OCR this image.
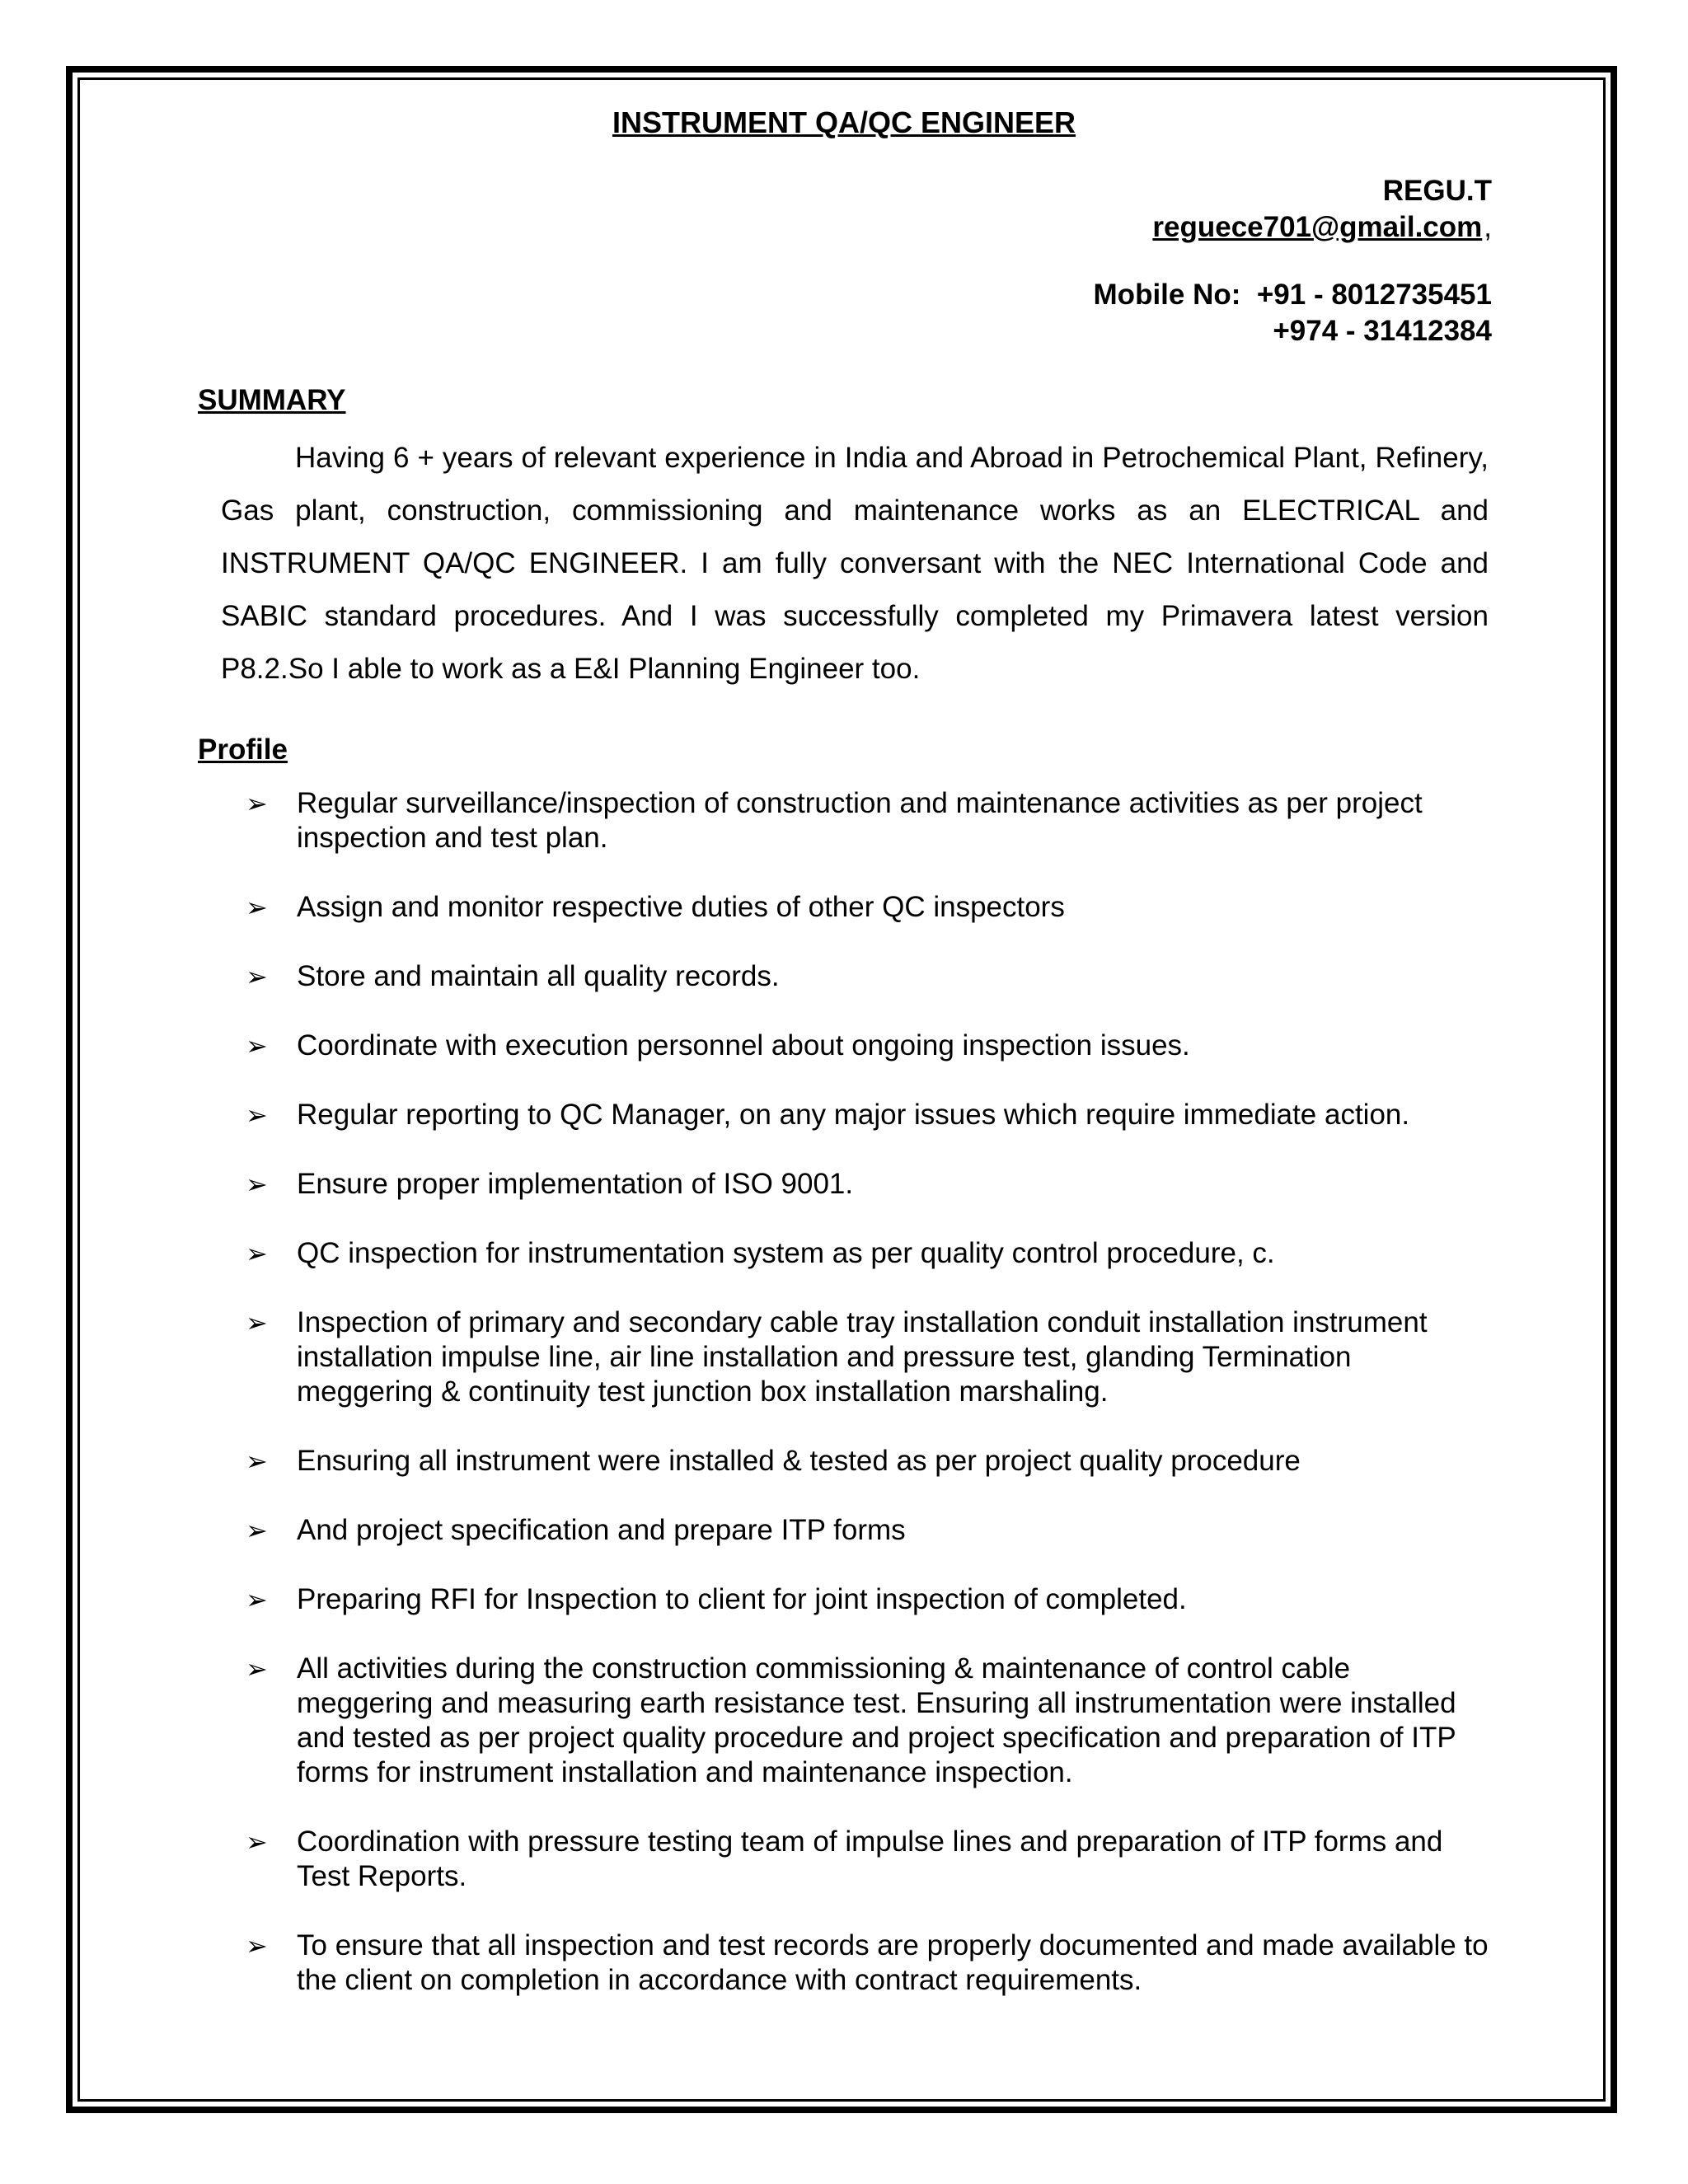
INSTRUMENT QA/QC ENGINEER
REGU.T
reguece701@gmail.com,
Mobile No: +91 - 8012735451
+974 - 31412384
SUMMARY

Having 6 + years of relevant experience in India and Abroad in Petrochemical Plant, Refinery, Gas plant, construction, commissioning and maintenance works as an ELECTRICAL and INSTRUMENT QA/QC ENGINEER. I am fully conversant with the NEC International Code and SABIC standard procedures. And I was successfully completed my Primavera latest version P8.2.So I able to work as a E&I Planning Engineer too.

Profile
➢ Regular surveillance/inspection of construction and maintenance activities as per project inspection and test plan.
➢ Assign and monitor respective duties of other QC inspectors
➢ Store and maintain all quality records.
➢ Coordinate with execution personnel about ongoing inspection issues.
➢ Regular reporting to QC Manager, on any major issues which require immediate action.
➢ Ensure proper implementation of ISO 9001.
➢ QC inspection for instrumentation system as per quality control procedure, c.
➢ Inspection of primary and secondary cable tray installation conduit installation instrument installation impulse line, air line installation and pressure test, glanding Termination meggering & continuity test junction box installation marshaling.
➢ Ensuring all instrument were installed & tested as per project quality procedure
➢ And project specification and prepare ITP forms
➢ Preparing RFI for Inspection to client for joint inspection of completed.
➢ All activities during the construction commissioning & maintenance of control cable meggering and measuring earth resistance test. Ensuring all instrumentation were installed and tested as per project quality procedure and project specification and preparation of ITP forms for instrument installation and maintenance inspection.
➢ Coordination with pressure testing team of impulse lines and preparation of ITP forms and Test Reports.
➢ To ensure that all inspection and test records are properly documented and made available to the client on completion in accordance with contract requirements.
